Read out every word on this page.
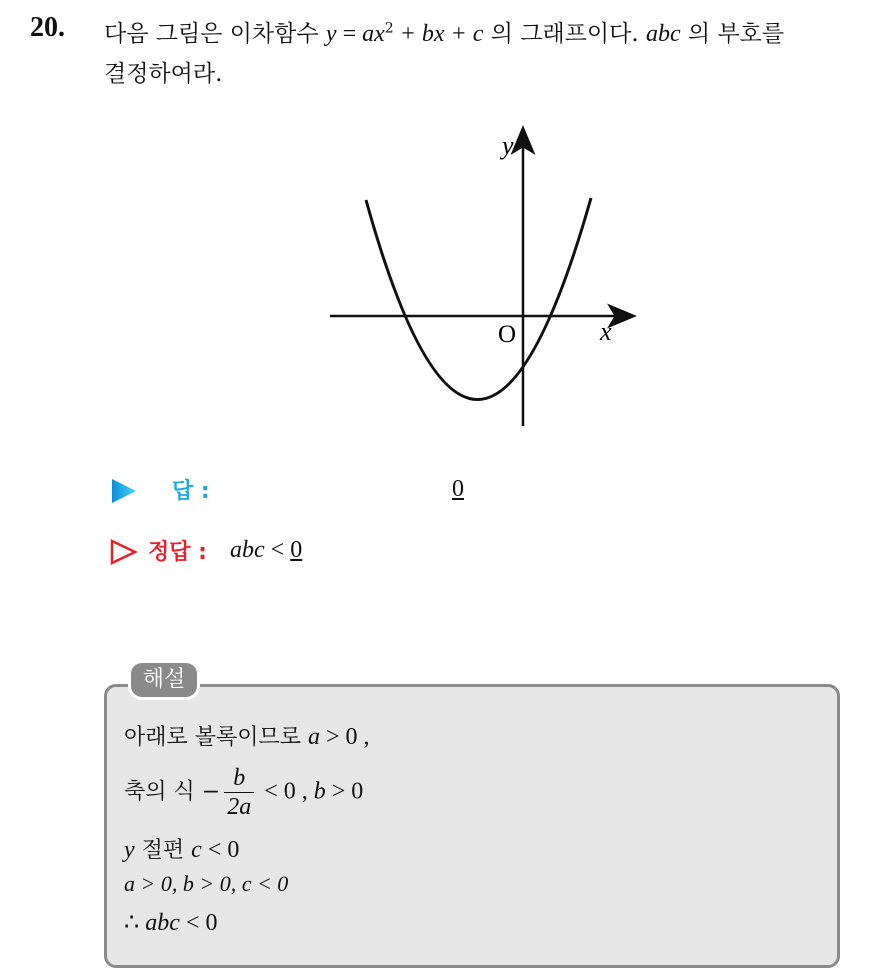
20. 다음 그림은 이차함수 $y = ax^2$ + bx + c 의 그래프이다. abc 의 부호를
결정하여라.
y
x
O
답 :	0
정답 : abc < 0
해설
아래로 볼록이므로 a > 0 ,
축의 식 − $\frac{b}{2a} < 0$ , b > 0
y 절편 c < 0
a > 0, b > 0, c < 0
∴ abc < 0
